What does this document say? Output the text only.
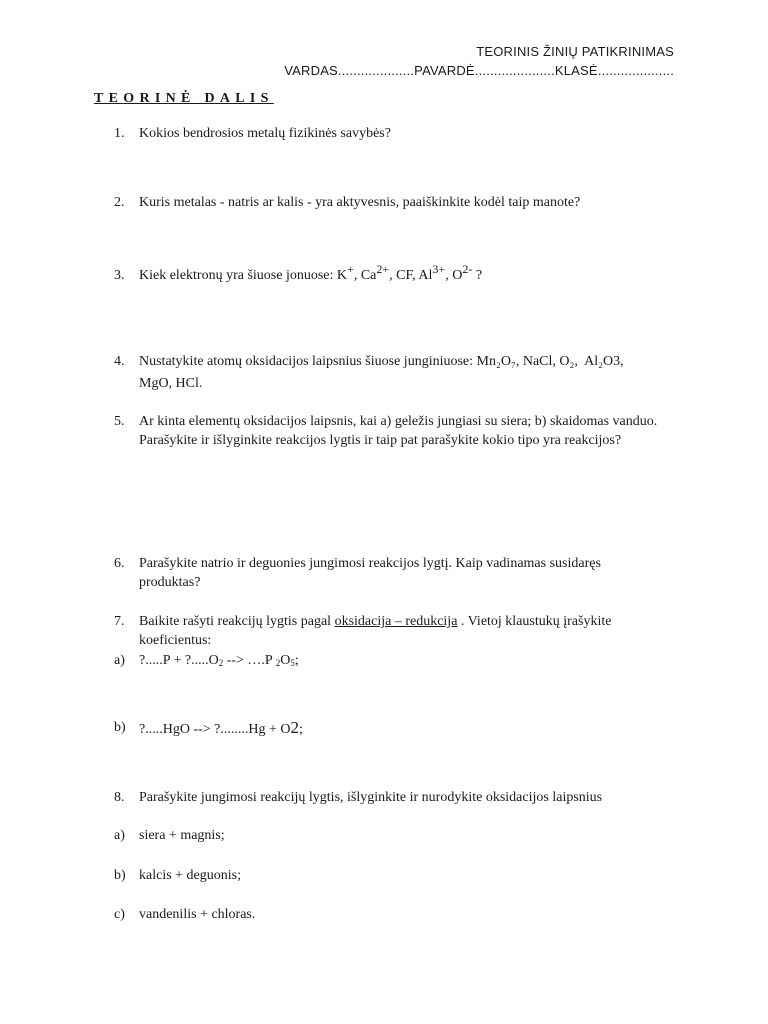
TEORINIS ŽINIŲ PATIKRINIMAS
VARDAS....................PAVARDĖ.....................KLASĖ....................
TEORINĖ DALIS
1. Kokios bendrosios metalų fizikinės savybės?
2. Kuris metalas - natris ar kalis - yra aktyvesnis, paaiškinkite kodėl taip manote?
3. Kiek elektronų yra šiuose jonuose: K+, $Ca^{2+}$, CF, $Al^{3+}$, $O^{2-}$ ?
4. Nustatykite atomų oksidacijos laipsnius šiuose junginiuose: Mn₂O₇, NaCl, O₂,  Al₂O3,
MgO, HCl.
5. Ar kinta elementų oksidacijos laipsnis, kai a) geležis jungiasi su siera; b) skaidomas vanduo. Parašykite ir išlyginkite reakcijos lygtis ir taip pat parašykite kokio tipo yra reakcijos?
6. Parašykite natrio ir deguonies jungimosi reakcijos lygtį. Kaip vadinamas susidaręs produktas?
7. Baikite rašyti reakcijų lygtis pagal oksidacija – redukcija . Vietoj klaustukų įrašykite koeficientus:
a) ?.....P + $?.....O_2$ --> ….P $_2O_5$;
b) ?.....HgO --> ?........Hg + O2;
8. Parašykite jungimosi reakcijų lygtis, išlyginkite ir nurodykite oksidacijos laipsnius
a) siera + magnis;
b) kalcis + deguonis;
c) vandenilis + chloras.
